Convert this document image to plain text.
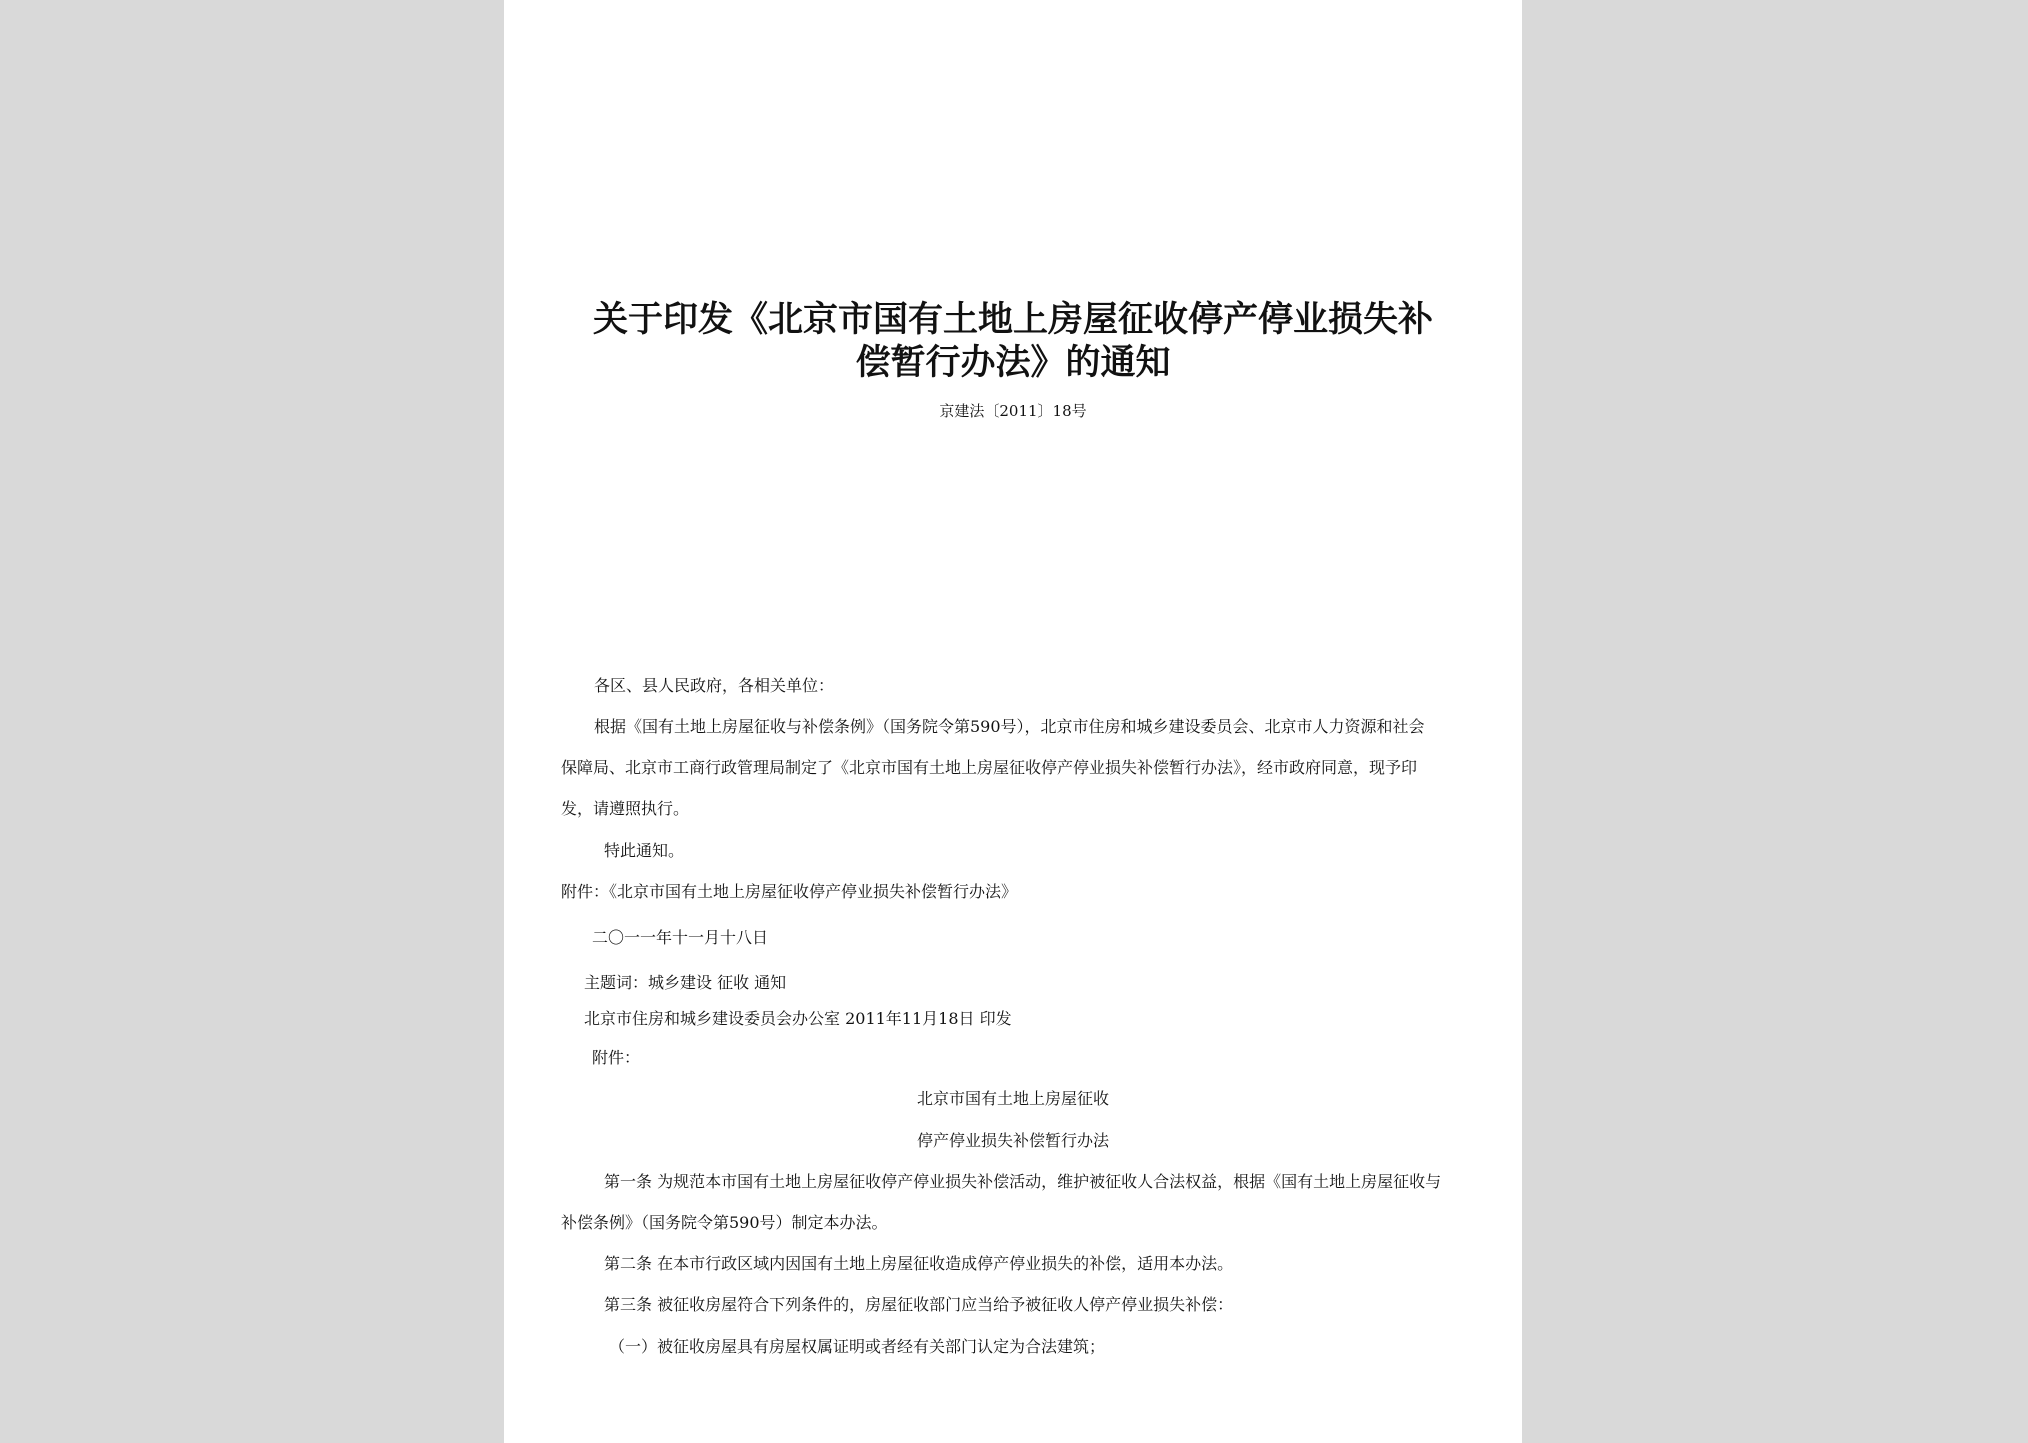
关于印发《北京市国有土地上房屋征收停产停业损失补
偿暂行办法》的通知
京建法〔2011〕18号

各区、县人民政府，各相关单位：

根据《国有土地上房屋征收与补偿条例》（国务院令第590号），北京市住房和城乡建设委员会、北京市人力资源和社会

保障局、北京市工商行政管理局制定了《北京市国有土地上房屋征收停产停业损失补偿暂行办法》，经市政府同意，现予印

发，请遵照执行。

特此通知。

附件：《北京市国有土地上房屋征收停产停业损失补偿暂行办法》

二〇一一年十一月十八日

主题词：城乡建设 征收 通知

北京市住房和城乡建设委员会办公室 2011年11月18日 印发

附件：

北京市国有土地上房屋征收

停产停业损失补偿暂行办法

第一条 为规范本市国有土地上房屋征收停产停业损失补偿活动，维护被征收人合法权益，根据《国有土地上房屋征收与

补偿条例》（国务院令第590号）制定本办法。

第二条 在本市行政区域内因国有土地上房屋征收造成停产停业损失的补偿，适用本办法。

第三条 被征收房屋符合下列条件的，房屋征收部门应当给予被征收人停产停业损失补偿：

（一）被征收房屋具有房屋权属证明或者经有关部门认定为合法建筑；
